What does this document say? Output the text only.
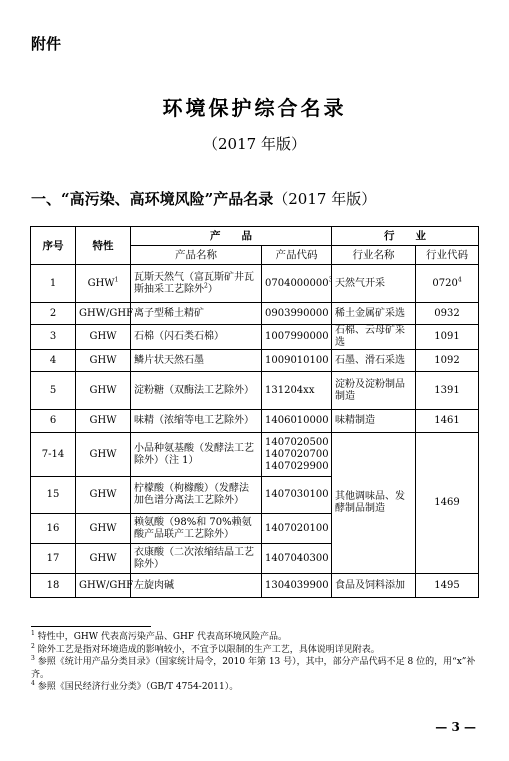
附件
环境保护综合名录
（2017 年版）
一、“高污染、高环境风险”产品名录（2017 年版）
序号	特性	产　　品		行　　业	
		产品名称	产品代码	行业名称	行业代码
1	GHW$^1$	瓦斯天然气（富瓦斯矿井瓦斯抽采工艺除外$^2$）	0704000000$^3$	天然气开采	0720$^4$
2	GHW/GHF	离子型稀土精矿	0903990000	稀土金属矿采选	0932
3	GHW	石棉（闪石类石棉）	1007990000	石棉、云母矿采选	1091
4	GHW	鳞片状天然石墨	1009010100	石墨、滑石采选	1092
5	GHW	淀粉糖（双酶法工艺除外）	131204xx	淀粉及淀粉制品制造	1391
6	GHW	味精（浓缩等电工艺除外）	1406010000	味精制造	1461
7-14	GHW	小品种氨基酸（发酵法工艺除外）（注 1）	1407020500
1407020700
1407029900	其他调味品、发酵制品制造	1469
15	GHW	柠檬酸（枸橼酸）（发酵法加色谱分离法工艺除外）	1407030100		
16	GHW	赖氨酸（98%和 70%赖氨酸产品联产工艺除外）	1407020100		
17	GHW	衣康酸（二次浓缩结晶工艺除外）	1407040300		
18	GHW/GHF	左旋肉碱	1304039900	食品及饲料添加	1495

$^1$ 特性中，GHW 代表高污染产品、GHF 代表高环境风险产品。

$^2$ 除外工艺是指对环境造成的影响较小，不宜予以限制的生产工艺，具体说明详见附表。

$^3$ 参照《统计用产品分类目录》（国家统计局令，2010 年第 13 号），其中，部分产品代码不足 8 位的，用“x”补齐。

$^4$ 参照《国民经济行业分类》（GB/T 4754-2011）。

— 3 —
